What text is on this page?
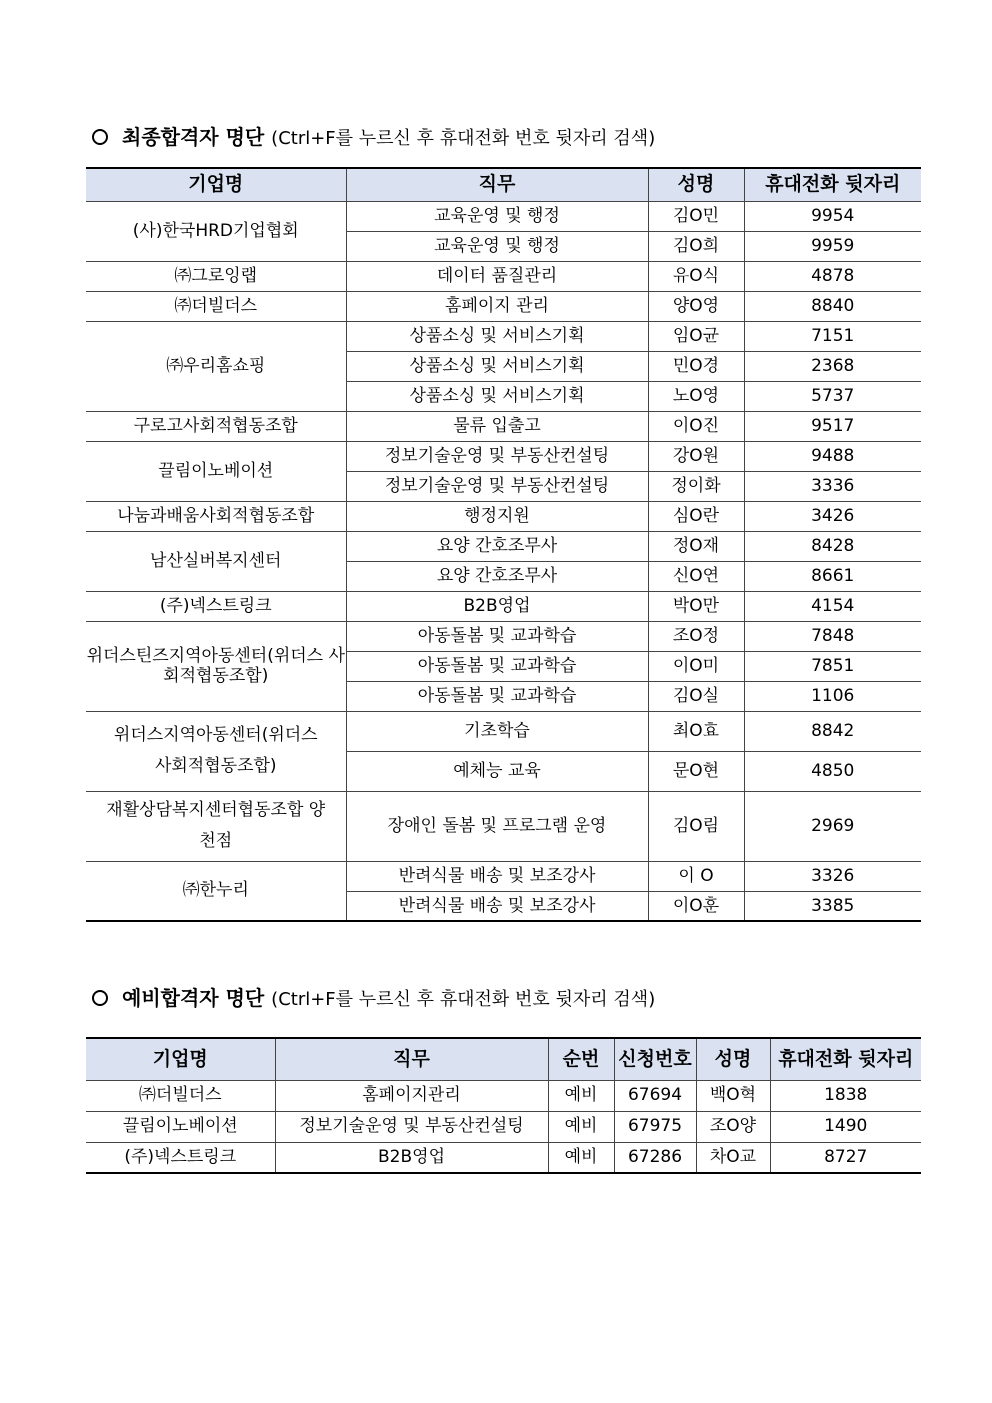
최종합격자 명단 (Ctrl+F를 누르신 후 휴대전화 번호 뒷자리 검색)
기업명	직무	성명	휴대전화 뒷자리
(사)한국HRD기업협회	교육운영 및 행정	김O민	9954
	교육운영 및 행정	김O희	9959
㈜그로잉랩	데이터 품질관리	유O식	4878
㈜더빌더스	홈페이지 관리	양O영	8840
㈜우리홈쇼핑	상품소싱 및 서비스기획	임O균	7151
	상품소싱 및 서비스기획	민O경	2368
	상품소싱 및 서비스기획	노O영	5737
구로고사회적협동조합	물류 입출고	이O진	9517
끌림이노베이션	정보기술운영 및 부동산컨설팅	강O원	9488
	정보기술운영 및 부동산컨설팅	정이화	3336
나눔과배움사회적협동조합	행정지원	심O란	3426
남산실버복지센터	요양 간호조무사	정O재	8428
	요양 간호조무사	신O연	8661
(주)넥스트링크	B2B영업	박O만	4154
위더스틴즈지역아동센터(위더스 사회적협동조합)	아동돌봄 및 교과학습	조O정	7848
	아동돌봄 및 교과학습	이O미	7851
	아동돌봄 및 교과학습	김O실	1106
위더스지역아동센터(위더스 사회적협동조합)	기초학습	최O효	8842
	예체능 교육	문O현	4850
재활상담복지센터협동조합 양천점	장애인 돌봄 및 프로그램 운영	김O림	2969
㈜한누리	반려식물 배송 및 보조강사	이 O	3326
	반려식물 배송 및 보조강사	이O훈	3385
예비합격자 명단 (Ctrl+F를 누르신 후 휴대전화 번호 뒷자리 검색)
기업명	직무	순번	신청번호	성명	휴대전화 뒷자리
㈜더빌더스	홈페이지관리	예비	67694	백O혁	1838
끌림이노베이션	정보기술운영 및 부동산컨설팅	예비	67975	조O양	1490
(주)넥스트링크	B2B영업	예비	67286	차O교	8727
